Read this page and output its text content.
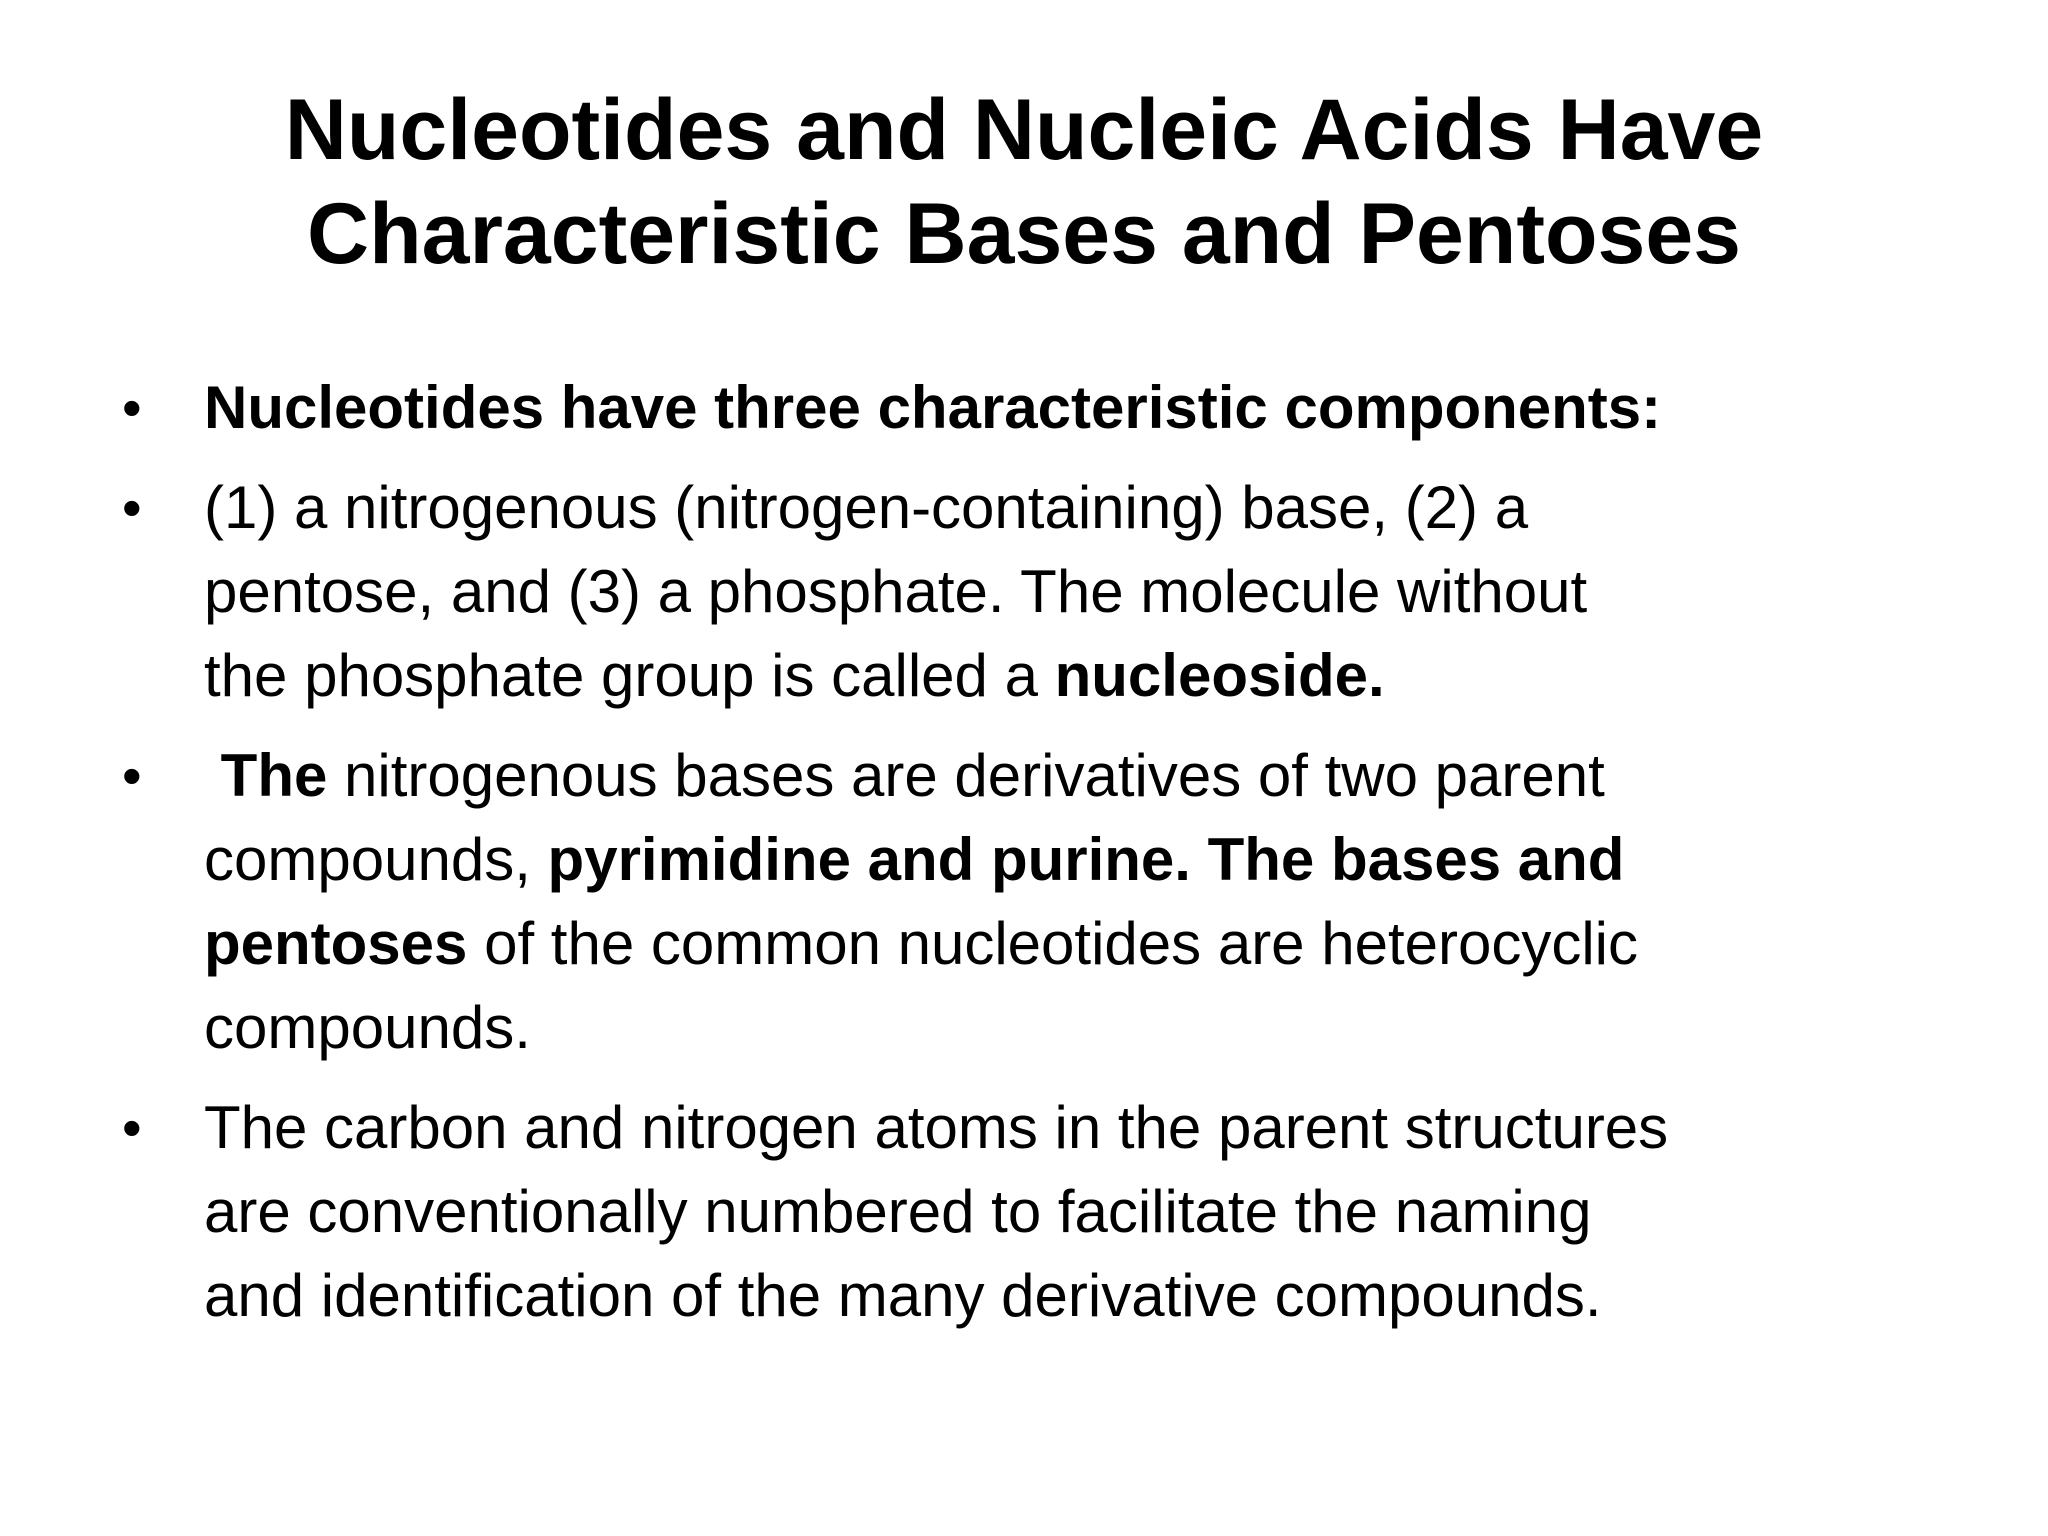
Nucleotides and Nucleic Acids Have
Characteristic Bases and Pentoses
•	Nucleotides have three characteristic components:
•	(1) a nitrogenous (nitrogen-containing) base, (2) a
pentose, and (3) a phosphate. The molecule without
the phosphate group is called a nucleoside.
•	The nitrogenous bases are derivatives of two parent
compounds, pyrimidine and purine. The bases and
pentoses of the common nucleotides are heterocyclic
compounds.
•	The carbon and nitrogen atoms in the parent structures
are conventionally numbered to facilitate the naming
and identification of the many derivative compounds.
